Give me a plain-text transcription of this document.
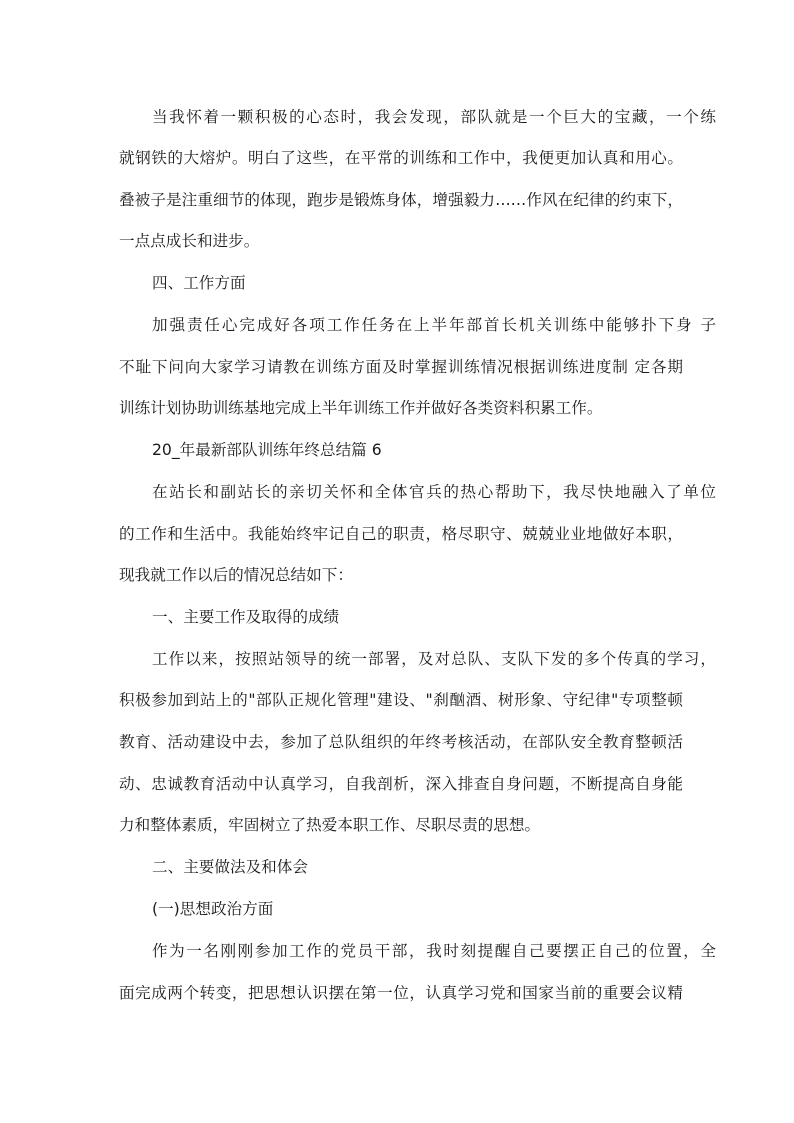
当我怀着一颗积极的心态时，我会发现，部队就是一个巨大的宝藏，一个练
就钢铁的大熔炉。明白了这些，在平常的训练和工作中，我便更加认真和用心。
叠被子是注重细节的体现，跑步是锻炼身体，增强毅力……作风在纪律的约束下，
一点点成长和进步。
四、工作方面
加强责任心完成好各项工作任务在上半年部首长机关训练中能够扑下身 子
不耻下问向大家学习请教在训练方面及时掌握训练情况根据训练进度制 定各期
训练计划协助训练基地完成上半年训练工作并做好各类资料积累工作。
20_年最新部队训练年终总结篇 6
在站长和副站长的亲切关怀和全体官兵的热心帮助下，我尽快地融入了单位
的工作和生活中。我能始终牢记自己的职责，格尽职守、兢兢业业地做好本职，
现我就工作以后的情况总结如下：
一、主要工作及取得的成绩
工作以来，按照站领导的统一部署，及对总队、支队下发的多个传真的学习，
积极参加到站上的"部队正规化管理"建设、"刹酗酒、树形象、守纪律"专项整顿
教育、活动建设中去，参加了总队组织的年终考核活动，在部队安全教育整顿活
动、忠诚教育活动中认真学习，自我剖析，深入排查自身问题，不断提高自身能
力和整体素质，牢固树立了热爱本职工作、尽职尽责的思想。
二、主要做法及和体会
(一)思想政治方面
作为一名刚刚参加工作的党员干部，我时刻提醒自己要摆正自己的位置，全
面完成两个转变，把思想认识摆在第一位，认真学习党和国家当前的重要会议精
